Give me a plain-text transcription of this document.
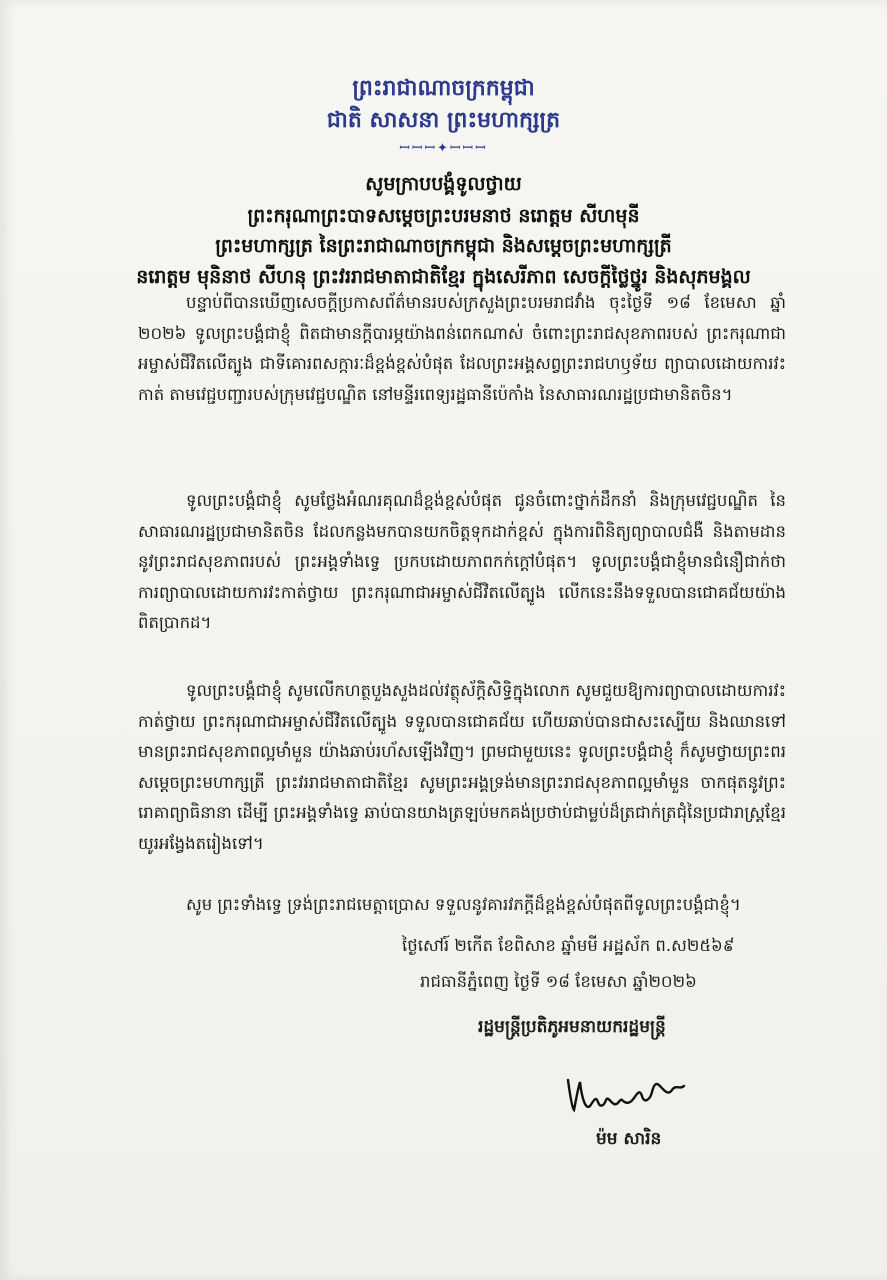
ព្រះរាជាណាចក្រកម្ពុជា
ជាតិ សាសនា ព្រះមហាក្សត្រ
ꟷꟷꟷ✦ꟷꟷꟷ
សូមក្រាបបង្គំទូលថ្វាយ
ព្រះករុណាព្រះបាទសម្តេចព្រះបរមនាថ នរោត្តម សីហមុនី
ព្រះមហាក្សត្រ នៃព្រះរាជាណាចក្រកម្ពុជា និងសម្តេចព្រះមហាក្សត្រី
នរោត្តម មុនិនាថ សីហនុ ព្រះវររាជមាតាជាតិខ្មែរ ក្នុងសេរីភាព សេចក្តីថ្លៃថ្នូរ និងសុភមង្គល
បន្ទាប់ពីបានឃើញសេចក្តីប្រកាសព័ត៌មានរបស់ក្រសួងព្រះបរមរាជវាំង ចុះថ្ងៃទី ១៨ ខែមេសា ឆ្នាំ ២០២៦ ទូលព្រះបង្គំជាខ្ញុំ ពិតជាមានក្តីបារម្ភយ៉ាងពន់ពេកណាស់ ចំពោះព្រះរាជសុខភាពរបស់ ព្រះករុណាជាអម្ចាស់ជីវិតលើត្បូង ជាទីគោរពសក្ការៈដ៏ខ្ពង់ខ្ពស់បំផុត ដែលព្រះអង្គសព្វព្រះរាជហឫទ័យ ព្យាបាលដោយការវះកាត់ តាមវេជ្ជបញ្ជារបស់ក្រុមវេជ្ជបណ្ឌិត នៅមន្ទីរពេទ្យរដ្ឋធានីប៉េកាំង នៃសាធារណរដ្ឋប្រជាមានិតចិន។
ទូលព្រះបង្គំជាខ្ញុំ សូមថ្លែងអំណរគុណដ៏ខ្ពង់ខ្ពស់បំផុត ជូនចំពោះថ្នាក់ដឹកនាំ និងក្រុមវេជ្ជបណ្ឌិត នៃសាធារណរដ្ឋប្រជាមានិតចិន ដែលកន្លងមកបានយកចិត្តទុកដាក់ខ្ពស់ ក្នុងការពិនិត្យព្យាបាលជំងឺ និងតាមដាននូវព្រះរាជសុខភាពរបស់ ព្រះអង្គទាំងទ្វេ ប្រកបដោយភាពកក់ក្តៅបំផុត។ ទូលព្រះបង្គំជាខ្ញុំមានជំនឿជាក់ថា ការព្យាបាលដោយការវះកាត់ថ្វាយ ព្រះករុណាជាអម្ចាស់ជីវិតលើត្បូង លើកនេះនឹងទទួលបានជោគជ័យយ៉ាងពិតប្រាកដ។
ទូលព្រះបង្គំជាខ្ញុំ សូមលើកហត្ថបួងសួងដល់វត្ថុស័ក្តិសិទ្ធិក្នុងលោក សូមជួយឱ្យការព្យាបាលដោយការវះកាត់ថ្វាយ ព្រះករុណាជាអម្ចាស់ជីវិតលើត្បូង ទទួលបានជោគជ័យ ហើយឆាប់បានជាសះស្បើយ និងឈានទៅមានព្រះរាជសុខភាពល្អមាំមួន យ៉ាងឆាប់រហ័សឡើងវិញ។ ព្រមជាមួយនេះ ទូលព្រះបង្គំជាខ្ញុំ ក៏សូមថ្វាយព្រះពរ សម្តេចព្រះមហាក្សត្រី ព្រះវររាជមាតាជាតិខ្មែរ សូមព្រះអង្គទ្រង់មានព្រះរាជសុខភាពល្អមាំមួន ចាកផុតនូវព្រះរោគាព្យាធិនានា ដើម្បី ព្រះអង្គទាំងទ្វេ ឆាប់បានយាងត្រឡប់មកគង់ប្រថាប់ជាម្លប់ដ៏ត្រជាក់ត្រជុំនៃប្រជារាស្ត្រខ្មែរយូរអង្វែងតរៀងទៅ។
សូម ព្រះទាំងទ្វេ ទ្រង់ព្រះរាជមេត្តាប្រោស ទទួលនូវគារវភក្តីដ៏ខ្ពង់ខ្ពស់បំផុតពីទូលព្រះបង្គំជាខ្ញុំ។
ថ្ងៃសៅរ៍ ២កើត ខែពិសាខ ឆ្នាំមមី អដ្ឋស័ក ព.ស២៥៦៩
រាជធានីភ្នំពេញ ថ្ងៃទី ១៨ ខែមេសា ឆ្នាំ២០២៦
រដ្ឋមន្ត្រីប្រតិភូអមនាយករដ្ឋមន្ត្រី
ម៉ម សារិន
